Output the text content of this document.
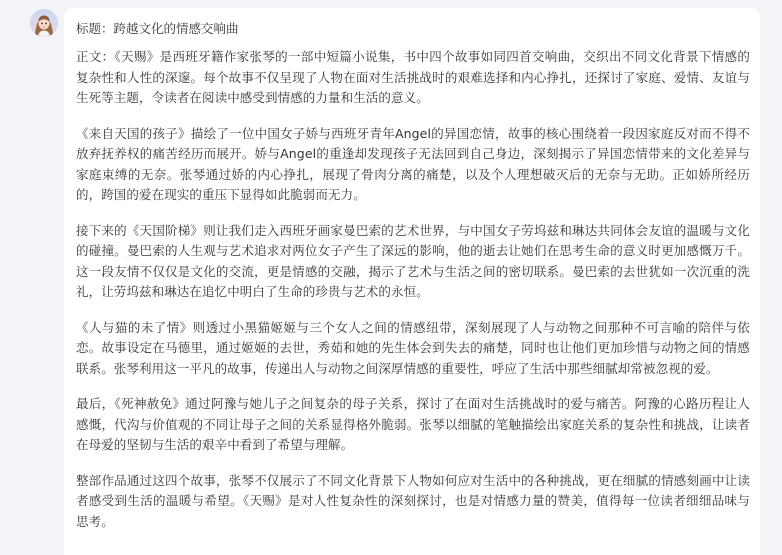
标题：跨越文化的情感交响曲

正文：《天赐》是西班牙籍作家张琴的一部中短篇小说集，书中四个故事如同四首交响曲，交织出不同文化背景下情感的复杂性和人性的深邃。每个故事不仅呈现了人物在面对生活挑战时的艰难选择和内心挣扎，还探讨了家庭、爱情、友谊与生死等主题，令读者在阅读中感受到情感的力量和生活的意义。

《来自天国的孩子》描绘了一位中国女子娇与西班牙青年Angel的异国恋情，故事的核心围绕着一段因家庭反对而不得不放弃抚养权的痛苦经历而展开。娇与Angel的重逢却发现孩子无法回到自己身边，深刻揭示了异国恋情带来的文化差异与家庭束缚的无奈。张琴通过娇的内心挣扎，展现了骨肉分离的痛楚，以及个人理想破灭后的无奈与无助。正如娇所经历的，跨国的爱在现实的重压下显得如此脆弱而无力。

接下来的《天国阶梯》则让我们走入西班牙画家曼巴索的艺术世界，与中国女子劳坞兹和琳达共同体会友谊的温暖与文化的碰撞。曼巴索的人生观与艺术追求对两位女子产生了深远的影响，他的逝去让她们在思考生命的意义时更加感慨万千。这一段友情不仅仅是文化的交流，更是情感的交融，揭示了艺术与生活之间的密切联系。曼巴索的去世犹如一次沉重的洗礼，让劳坞兹和琳达在追忆中明白了生命的珍贵与艺术的永恒。

《人与猫的未了情》则透过小黑猫姬姬与三个女人之间的情感纽带，深刻展现了人与动物之间那种不可言喻的陪伴与依恋。故事设定在马德里，通过姬姬的去世，秀茹和她的先生体会到失去的痛楚，同时也让他们更加珍惜与动物之间的情感联系。张琴利用这一平凡的故事，传递出人与动物之间深厚情感的重要性，呼应了生活中那些细腻却常被忽视的爱。

最后，《死神赦免》通过阿豫与她儿子之间复杂的母子关系，探讨了在面对生活挑战时的爱与痛苦。阿豫的心路历程让人感慨，代沟与价值观的不同让母子之间的关系显得格外脆弱。张琴以细腻的笔触描绘出家庭关系的复杂性和挑战，让读者在母爱的坚韧与生活的艰辛中看到了希望与理解。

整部作品通过这四个故事，张琴不仅展示了不同文化背景下人物如何应对生活中的各种挑战，更在细腻的情感刻画中让读者感受到生活的温暖与希望。《天赐》是对人性复杂性的深刻探讨，也是对情感力量的赞美，值得每一位读者细细品味与思考。
